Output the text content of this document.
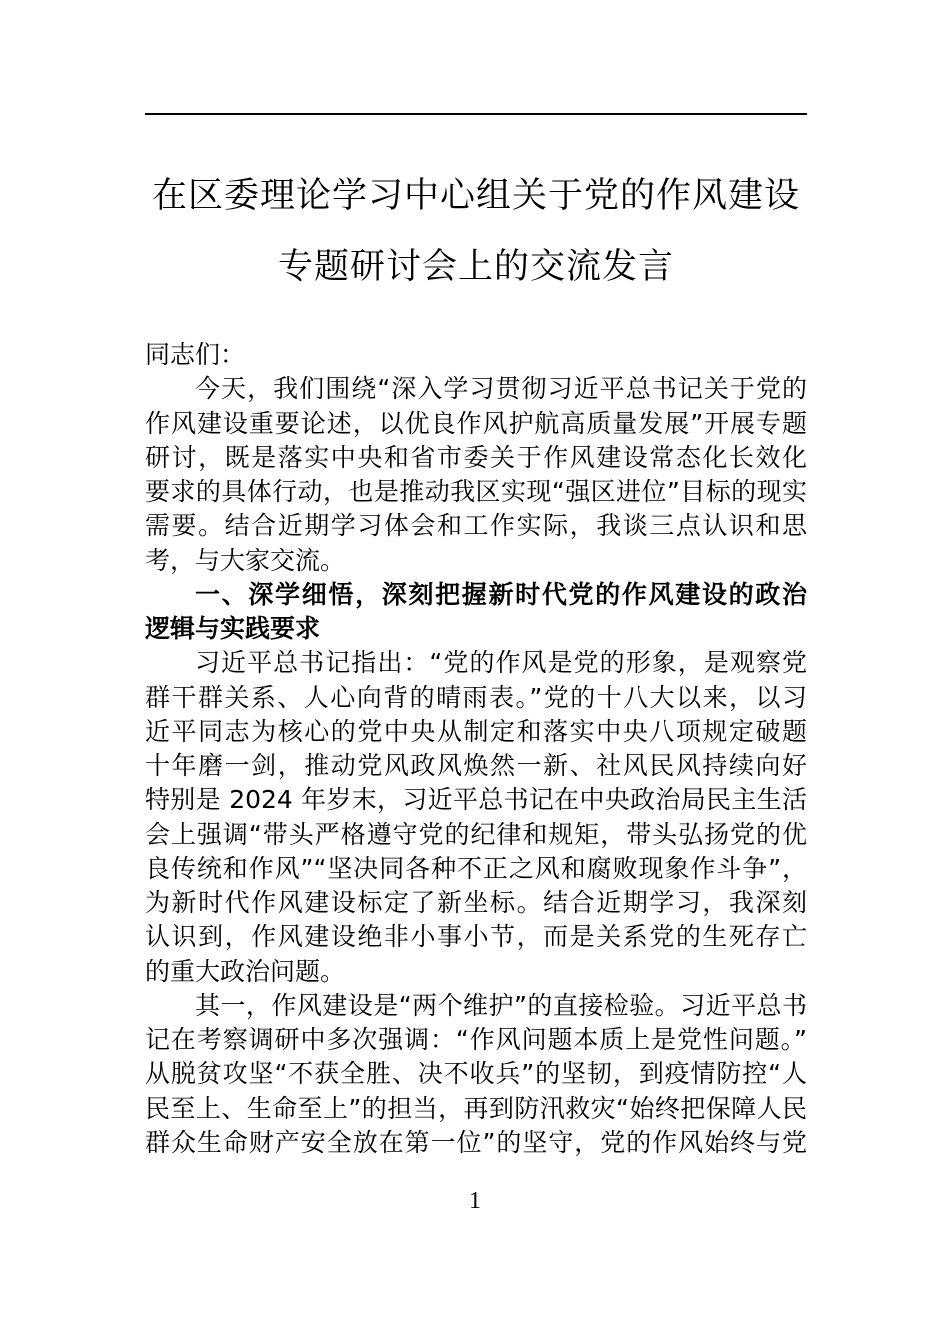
在区委理论学习中心组关于党的作风建设
专题研讨会上的交流发言
同志们：
今天，我们围绕“深入学习贯彻习近平总书记关于党的
作风建设重要论述，以优良作风护航高质量发展”开展专题
研讨，既是落实中央和省市委关于作风建设常态化长效化
要求的具体行动，也是推动我区实现“强区进位”目标的现实
需要。结合近期学习体会和工作实际，我谈三点认识和思
考，与大家交流。
一、深学细悟，深刻把握新时代党的作风建设的政治
逻辑与实践要求
习近平总书记指出：“党的作风是党的形象，是观察党
群干群关系、人心向背的晴雨表。”党的十八大以来，以习
近平同志为核心的党中央从制定和落实中央八项规定破题
十年磨一剑，推动党风政风焕然一新、社风民风持续向好
特别是 2024 年岁末，习近平总书记在中央政治局民主生活
会上强调“带头严格遵守党的纪律和规矩，带头弘扬党的优
良传统和作风”“坚决同各种不正之风和腐败现象作斗争”，
为新时代作风建设标定了新坐标。结合近期学习，我深刻
认识到，作风建设绝非小事小节，而是关系党的生死存亡
的重大政治问题。
其一，作风建设是“两个维护”的直接检验。习近平总书
记在考察调研中多次强调：“作风问题本质上是党性问题。”
从脱贫攻坚“不获全胜、决不收兵”的坚韧，到疫情防控“人
民至上、生命至上”的担当，再到防汛救灾“始终把保障人民
群众生命财产安全放在第一位”的坚守，党的作风始终与党
1
